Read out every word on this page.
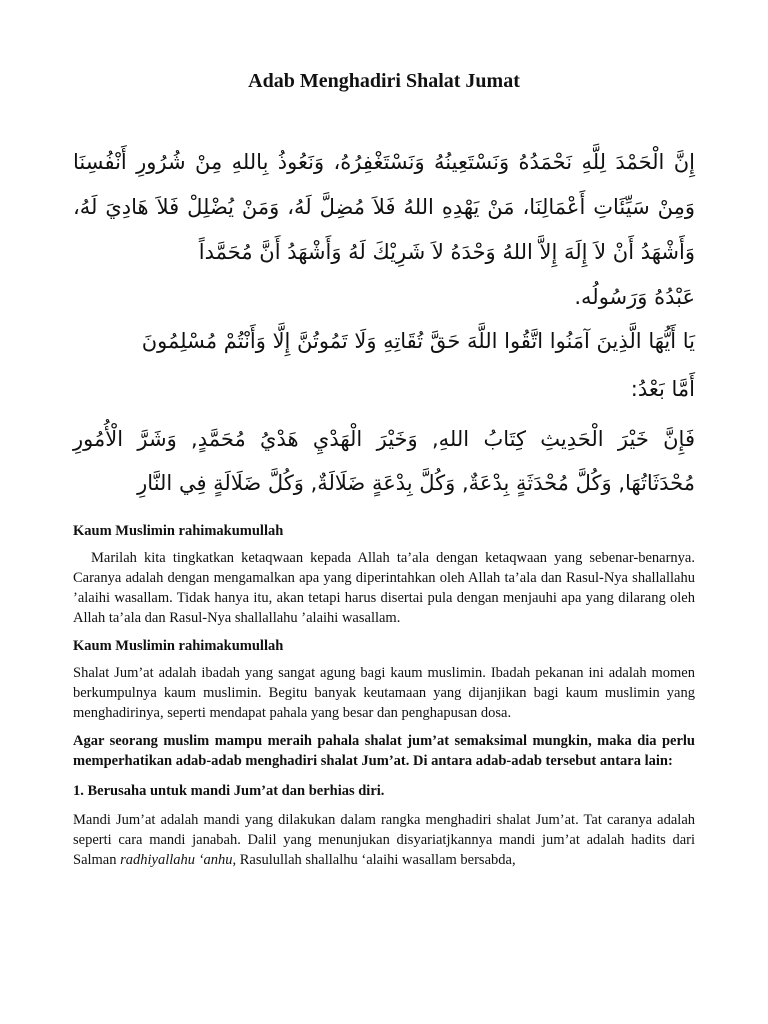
Adab Menghadiri Shalat Jumat

إِنَّ الْحَمْدَ لِلَّهِ نَحْمَدُهُ وَنَسْتَعِينُهُ وَنَسْتَغْفِرُهُ، وَنَعُوذُ بِاللهِ مِنْ شُرُورِ أَنْفُسِنَا وَمِنْ سَيِّئَاتِ أَعْمَالِنَا، مَنْ يَهْدِهِ اللهُ فَلاَ مُضِلَّ لَهُ، وَمَنْ يُضْلِلْ فَلاَ هَادِيَ لَهُ، وَأَشْهَدُ أَنْ لاَ إِلَهَ إِلاَّ اللهُ وَحْدَهُ لاَ شَرِيْكَ لَهُ وَأَشْهَدُ أَنَّ مُحَمَّداً

عَبْدُهُ وَرَسُولُه.

يَا أَيُّهَا الَّذِينَ آمَنُوا اتَّقُوا اللَّهَ حَقَّ تُقَاتِهِ وَلَا تَمُوتُنَّ إِلَّا وَأَنْتُمْ مُسْلِمُونَ

أَمَّا بَعْدُ:

فَإِنَّ خَيْرَ الْحَدِيثِ كِتَابُ اللهِ, وَخَيْرَ الْهَدْيِ هَدْيُ مُحَمَّدٍ, وَشَرَّ الْأُمُورِ مُحْدَثَاتُهَا, وَكُلَّ مُحْدَثَةٍ بِدْعَةٌ, وَكُلَّ بِدْعَةٍ ضَلَالَةٌ, وَكُلَّ ضَلَالَةٍ فِي النَّارِ

Kaum Muslimin rahimakumullah

Marilah kita tingkatkan ketaqwaan kepada Allah ta’ala dengan ketaqwaan yang sebenar-benarnya. Caranya adalah dengan mengamalkan apa yang diperintahkan oleh Allah ta’ala dan Rasul-Nya shallallahu ’alaihi wasallam. Tidak hanya itu, akan tetapi harus disertai pula dengan menjauhi apa yang dilarang oleh Allah ta’ala dan Rasul-Nya shallallahu ’alaihi wasallam.

Kaum Muslimin rahimakumullah

Shalat Jum’at adalah ibadah yang sangat agung bagi kaum muslimin. Ibadah pekanan ini adalah momen berkumpulnya kaum muslimin. Begitu banyak keutamaan yang dijanjikan bagi kaum muslimin yang menghadirinya, seperti mendapat pahala yang besar dan penghapusan dosa.

Agar seorang muslim mampu meraih pahala shalat jum’at semaksimal mungkin, maka dia perlu memperhatikan adab-adab menghadiri shalat Jum’at. Di antara adab-adab tersebut antara lain:

1. Berusaha untuk mandi Jum’at dan berhias diri.

Mandi Jum’at adalah mandi yang dilakukan dalam rangka menghadiri shalat Jum’at. Tat caranya adalah seperti cara mandi janabah. Dalil yang menunjukan disyariatjkannya mandi jum’at adalah hadits dari Salman radhiyallahu ‘anhu, Rasulullah shallalhu ‘alaihi wasallam bersabda,
